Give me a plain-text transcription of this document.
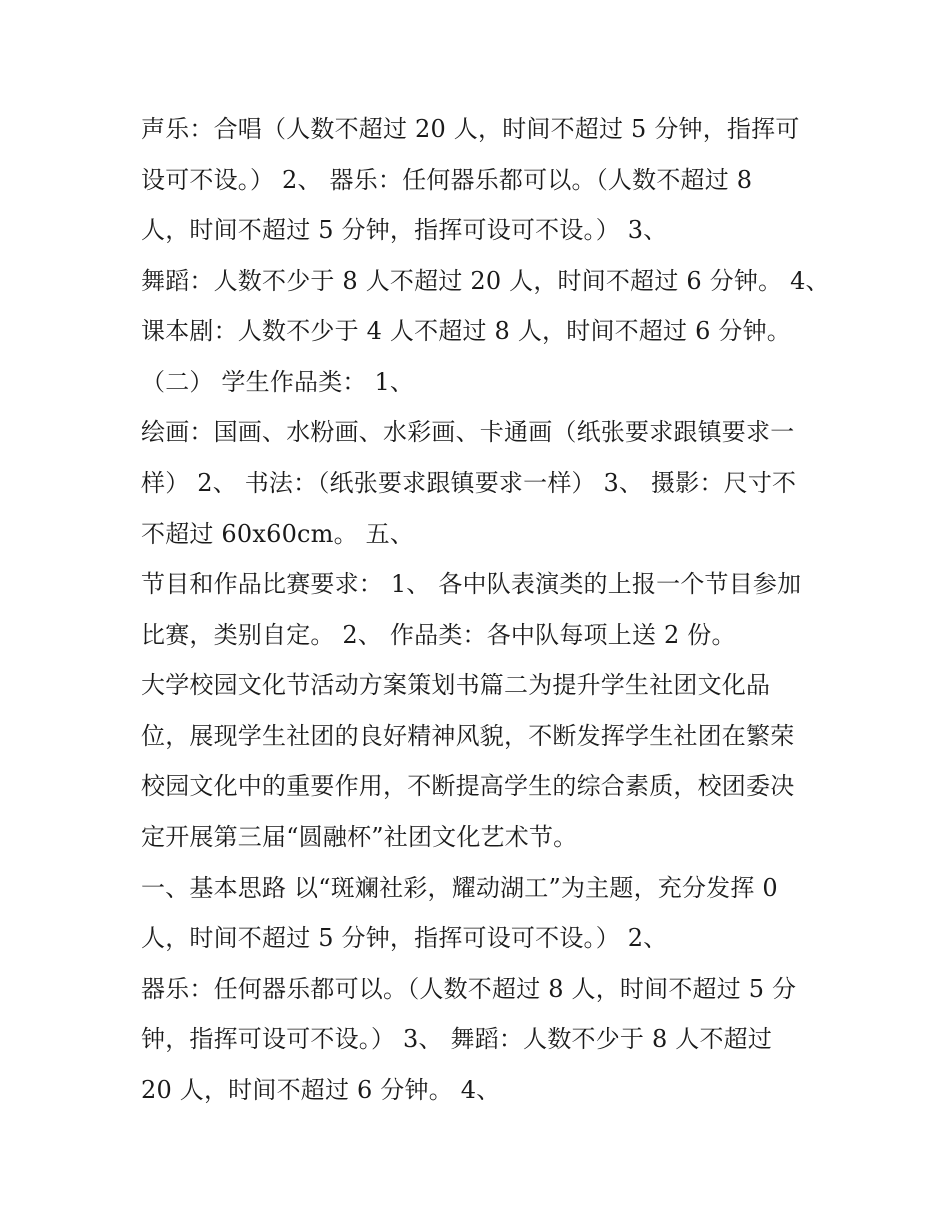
声乐：合唱（人数不超过 20 人，时间不超过 5 分钟，指挥可
设可不设。） 2、 器乐：任何器乐都可以。（人数不超过 8
人，时间不超过 5 分钟，指挥可设可不设。） 3、
舞蹈：人数不少于 8 人不超过 20 人，时间不超过 6 分钟。 4、
课本剧：人数不少于 4 人不超过 8 人，时间不超过 6 分钟。
（二） 学生作品类： 1、
绘画：国画、水粉画、水彩画、卡通画（纸张要求跟镇要求一
样） 2、 书法：（纸张要求跟镇要求一样） 3、 摄影：尺寸不
不超过 60x60cm。 五、
节目和作品比赛要求： 1、 各中队表演类的上报一个节目参加
比赛，类别自定。 2、 作品类：各中队每项上送 2 份。
大学校园文化节活动方案策划书篇二为提升学生社团文化品
位，展现学生社团的良好精神风貌，不断发挥学生社团在繁荣
校园文化中的重要作用，不断提高学生的综合素质，校团委决
定开展第三届“圆融杯”社团文化艺术节。
一、基本思路 以“斑斓社彩，耀动湖工”为主题，充分发挥 0
人，时间不超过 5 分钟，指挥可设可不设。） 2、
器乐：任何器乐都可以。（人数不超过 8 人，时间不超过 5 分
钟，指挥可设可不设。） 3、 舞蹈：人数不少于 8 人不超过
20 人，时间不超过 6 分钟。 4、
